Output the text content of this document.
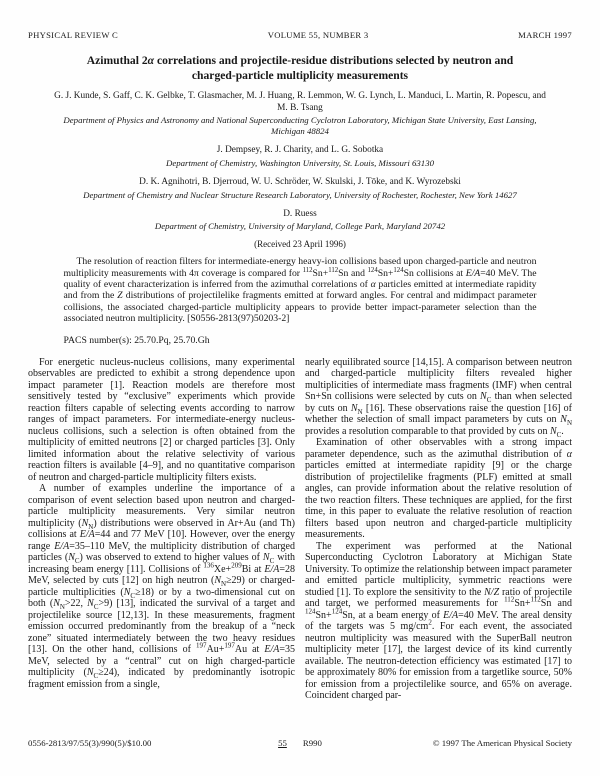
PHYSICAL REVIEW C	VOLUME 55, NUMBER 3	MARCH 1997
Azimuthal 2α correlations and projectile-residue distributions selected by neutron and charged-particle multiplicity measurements
G. J. Kunde, S. Gaff, C. K. Gelbke, T. Glasmacher, M. J. Huang, R. Lemmon, W. G. Lynch, L. Manduci, L. Martin, R. Popescu, and M. B. Tsang
Department of Physics and Astronomy and National Superconducting Cyclotron Laboratory, Michigan State University, East Lansing, Michigan 48824
J. Dempsey, R. J. Charity, and L. G. Sobotka
Department of Chemistry, Washington University, St. Louis, Missouri 63130
D. K. Agnihotri, B. Djerroud, W. U. Schröder, W. Skulski, J. Tōke, and K. Wyrozebski
Department of Chemistry and Nuclear Structure Research Laboratory, University of Rochester, Rochester, New York 14627
D. Ruess
Department of Chemistry, University of Maryland, College Park, Maryland 20742
(Received 23 April 1996)
The resolution of reaction filters for intermediate-energy heavy-ion collisions based upon charged-particle and neutron multiplicity measurements with 4π coverage is compared for $^{112}$Sn+$^{112}$Sn and $^{124}$Sn+$^{124}$Sn collisions at E/A=40 MeV. The quality of event characterization is inferred from the azimuthal correlations of α particles emitted at intermediate rapidity and from the Z distributions of projectilelike fragments emitted at forward angles. For central and midimpact parameter collisions, the associated charged-particle multiplicity appears to provide better impact-parameter selection than the associated neutron multiplicity. [S0556-2813(97)50203-2]
PACS number(s): 25.70.Pq, 25.70.Gh

For energetic nucleus-nucleus collisions, many experimental observables are predicted to exhibit a strong dependence upon impact parameter [1]. Reaction models are therefore most sensitively tested by “exclusive” experiments which provide reaction filters capable of selecting events according to narrow ranges of impact parameters. For intermediate-energy nucleus-nucleus collisions, such a selection is often obtained from the multiplicity of emitted neutrons [2] or charged particles [3]. Only limited information about the relative selectivity of various reaction filters is available [4–9], and no quantitative comparison of neutron and charged-particle multiplicity filters exists.

A number of examples underline the importance of a comparison of event selection based upon neutron and charged-particle multiplicity measurements. Very similar neutron multiplicity $(N_N)$ distributions were observed in Ar+Au (and Th) collisions at E/A=44 and 77 MeV [10]. However, over the energy range E/A=35–110 MeV, the multiplicity distribution of charged particles $(N_C)$ was observed to extend to higher values of $N_C$ with increasing beam energy [11]. Collisions of $^{136}$Xe+$^{209}$Bi at E/A=28 MeV, selected by cuts [12] on high neutron $(N_N\ge 29)$ or charged-particle multiplicities $(N_C\ge 18)$ or by a two-dimensional cut on both ($N_N>22$, $N_C>9$) [13], indicated the survival of a target and projectilelike source [12,13]. In these measurements, fragment emission occurred predominantly from the breakup of a “neck zone” situated intermediately between the two heavy residues [13]. On the other hand, collisions of $^{197}$Au+$^{197}$Au at E/A=35 MeV, selected by a “central” cut on high charged-particle multiplicity $(N_C\ge 24)$, indicated by predominantly isotropic fragment emission from a single,

nearly equilibrated source [14,15]. A comparison between neutron and charged-particle multiplicity filters revealed higher multiplicities of intermediate mass fragments (IMF) when central Sn+Sn collisions were selected by cuts on $N_C$ than when selected by cuts on $N_N$ [16]. These observations raise the question [16] of whether the selection of small impact parameters by cuts on $N_N$ provides a resolution comparable to that provided by cuts on $N_C$.

Examination of other observables with a strong impact parameter dependence, such as the azimuthal distribution of α particles emitted at intermediate rapidity [9] or the charge distribution of projectilelike fragments (PLF) emitted at small angles, can provide information about the relative resolution of the two reaction filters. These techniques are applied, for the first time, in this paper to evaluate the relative resolution of reaction filters based upon neutron and charged-particle multiplicity measurements.

The experiment was performed at the National Superconducting Cyclotron Laboratory at Michigan State University. To optimize the relationship between impact parameter and emitted particle multiplicity, symmetric reactions were studied [1]. To explore the sensitivity to the N/Z ratio of projectile and target, we performed measurements for $^{112}$Sn+$^{112}$Sn and $^{124}$Sn+$^{124}$Sn, at a beam energy of E/A=40 MeV. The areal density of the targets was 5 $mg/cm^2$. For each event, the associated neutron multiplicity was measured with the SuperBall neutron multiplicity meter [17], the largest device of its kind currently available. The neutron-detection efficiency was estimated [17] to be approximately 80% for emission from a targetlike source, 50% for emission from a projectilelike source, and 65% on average. Coincident charged par-

0556-2813/97/55(3)/990(5)/$10.00	55 R990	© 1997 The American Physical Society
